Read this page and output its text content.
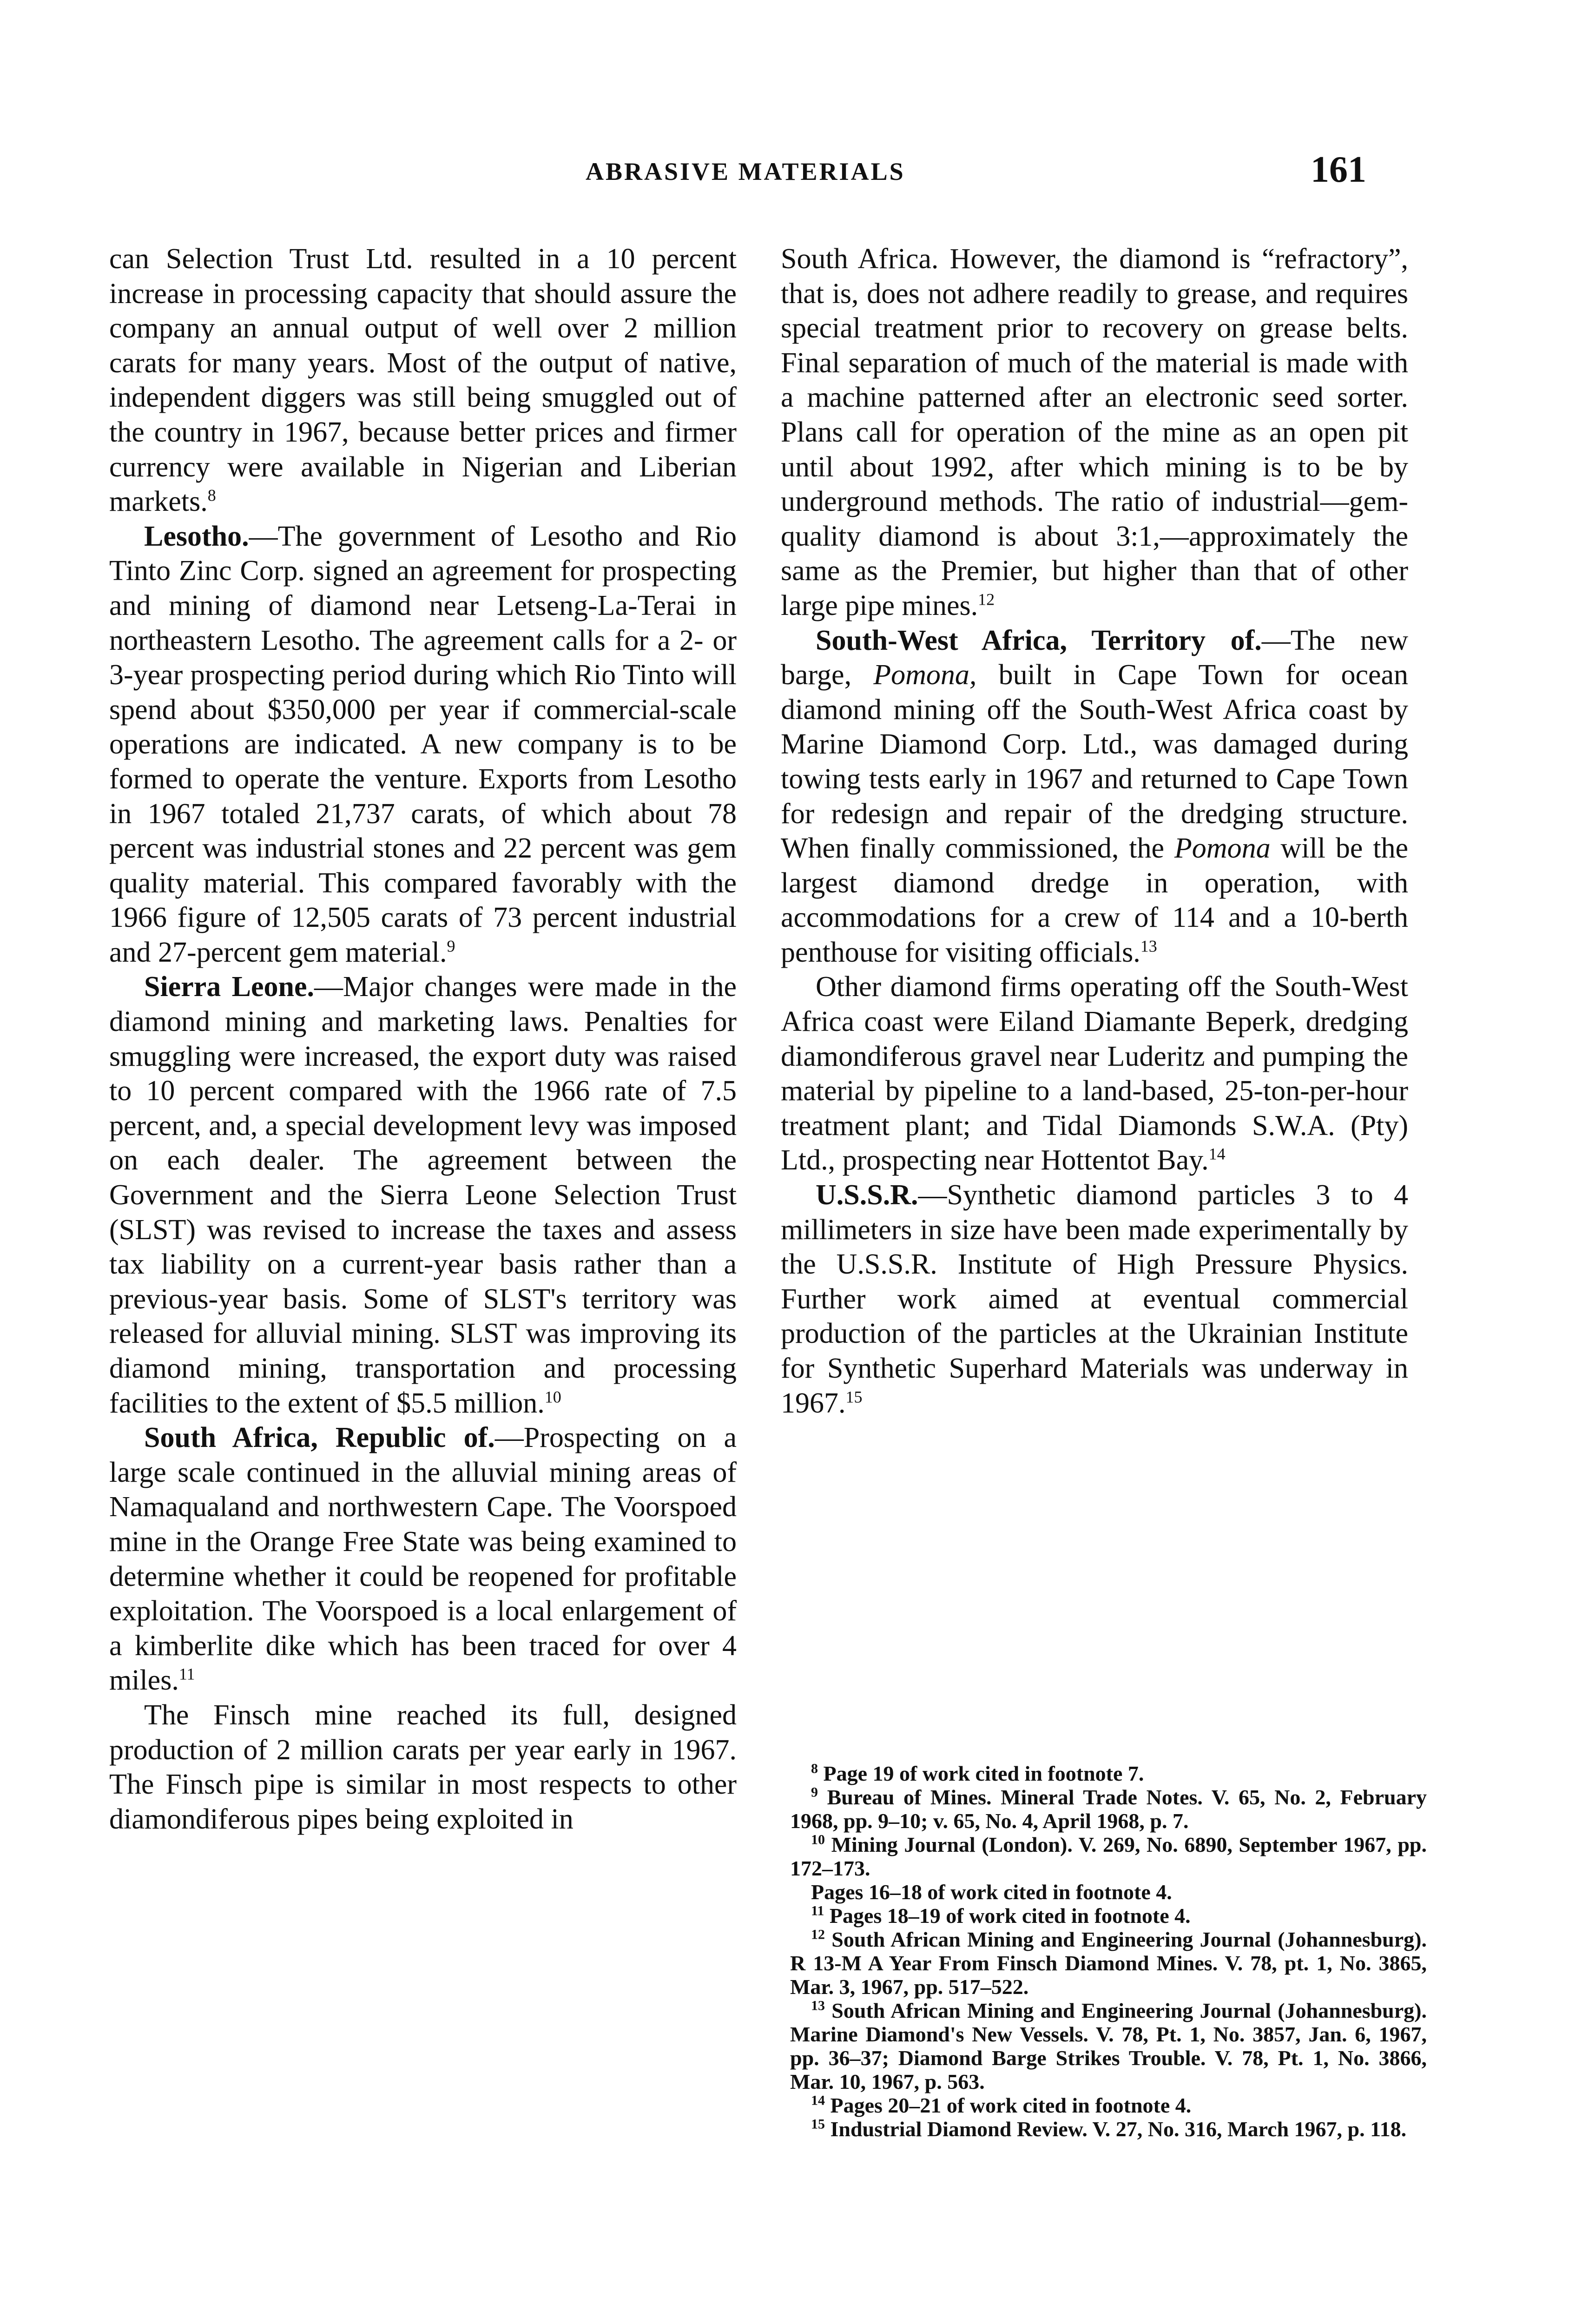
ABRASIVE MATERIALS	161

can Selection Trust Ltd. resulted in a 10 percent increase in processing capacity that should assure the company an annual output of well over 2 million carats for many years. Most of the output of native, independent diggers was still being smuggled out of the country in 1967, because better prices and firmer currency were available in Nigerian and Liberian markets.$^8$

Lesotho.—The government of Lesotho and Rio Tinto Zinc Corp. signed an agreement for prospecting and mining of diamond near Letseng-La-Terai in northeastern Lesotho. The agreement calls for a 2- or 3-year prospecting period during which Rio Tinto will spend about $350,000 per year if commercial-scale operations are indicated. A new company is to be formed to operate the venture. Exports from Lesotho in 1967 totaled 21,737 carats, of which about 78 percent was industrial stones and 22 percent was gem quality material. This compared favorably with the 1966 figure of 12,505 carats of 73 percent industrial and 27-percent gem material.$^9$

Sierra Leone.—Major changes were made in the diamond mining and marketing laws. Penalties for smuggling were increased, the export duty was raised to 10 percent compared with the 1966 rate of 7.5 percent, and, a special development levy was imposed on each dealer. The agreement between the Government and the Sierra Leone Selection Trust (SLST) was revised to increase the taxes and assess tax liability on a current-year basis rather than a previous-year basis. Some of SLST's territory was released for alluvial mining. SLST was improving its diamond mining, transportation and processing facilities to the extent of $5.5 million.$^{10}$

South Africa, Republic of.—Prospecting on a large scale continued in the alluvial mining areas of Namaqualand and northwestern Cape. The Voorspoed mine in the Orange Free State was being examined to determine whether it could be reopened for profitable exploitation. The Voorspoed is a local enlargement of a kimberlite dike which has been traced for over 4 miles.$^{11}$

The Finsch mine reached its full, designed production of 2 million carats per year early in 1967. The Finsch pipe is similar in most respects to other diamondiferous pipes being exploited in

South Africa. However, the diamond is “refractory”, that is, does not adhere readily to grease, and requires special treatment prior to recovery on grease belts. Final separation of much of the material is made with a machine patterned after an electronic seed sorter. Plans call for operation of the mine as an open pit until about 1992, after which mining is to be by underground methods. The ratio of industrial—gem-quality diamond is about 3:1,—approximately the same as the Premier, but higher than that of other large pipe mines.$^{12}$

South-West Africa, Territory of.—The new barge, Pomona, built in Cape Town for ocean diamond mining off the South-West Africa coast by Marine Diamond Corp. Ltd., was damaged during towing tests early in 1967 and returned to Cape Town for redesign and repair of the dredging structure. When finally commissioned, the Pomona will be the largest diamond dredge in operation, with accommodations for a crew of 114 and a 10-berth penthouse for visiting officials.$^{13}$

Other diamond firms operating off the South-West Africa coast were Eiland Diamante Beperk, dredging diamondiferous gravel near Luderitz and pumping the material by pipeline to a land-based, 25-ton-per-hour treatment plant; and Tidal Diamonds S.W.A. (Pty) Ltd., prospecting near Hottentot Bay.$^{14}$

U.S.S.R.—Synthetic diamond particles 3 to 4 millimeters in size have been made experimentally by the U.S.S.R. Institute of High Pressure Physics. Further work aimed at eventual commercial production of the particles at the Ukrainian Institute for Synthetic Superhard Materials was underway in 1967.15

$^8$ Page 19 of work cited in footnote 7.

$^9$ Bureau of Mines. Mineral Trade Notes. V. 65, No. 2, February 1968, pp. 9–10; v. 65, No. 4, April 1968, p. 7.

$^{10}$ Mining Journal (London). V. 269, No. 6890, September 1967, pp. 172–173.

Pages 16–18 of work cited in footnote 4.

$^{11}$ Pages 18–19 of work cited in footnote 4.

$^{12}$ South African Mining and Engineering Journal (Johannesburg). R 13-M A Year From Finsch Diamond Mines. V. 78, pt. 1, No. 3865, Mar. 3, 1967, pp. 517–522.

$^{13}$ South African Mining and Engineering Journal (Johannesburg). Marine Diamond's New Vessels. V. 78, Pt. 1, No. 3857, Jan. 6, 1967, pp. 36–37; Diamond Barge Strikes Trouble. V. 78, Pt. 1, No. 3866, Mar. 10, 1967, p. 563.

$^{14}$ Pages 20–21 of work cited in footnote 4.

$^{15}$ Industrial Diamond Review. V. 27, No. 316, March 1967, p. 118.
